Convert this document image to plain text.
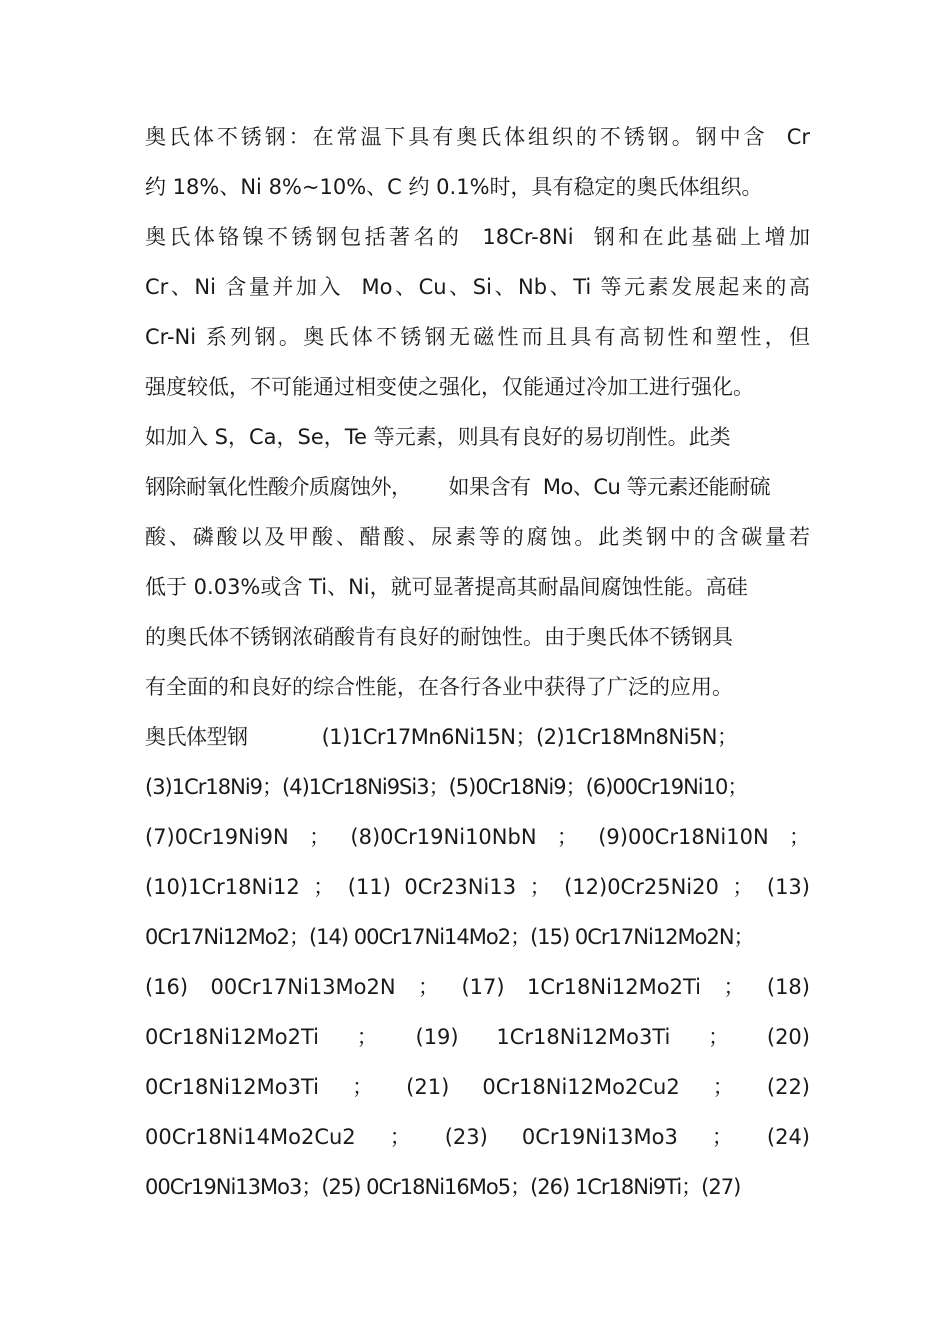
奥氏体不锈钢：在常温下具有奥氏体组织的不锈钢。钢中含  Cr
约 18%、Ni 8%~10%、C 约 0.1%时，具有稳定的奥氏体组织。
奥氏体铬镍不锈钢包括著名的  18Cr-8Ni  钢和在此基础上增加
Cr、Ni 含量并加入  Mo、Cu、Si、Nb、Ti 等元素发展起来的高
Cr-Ni 系列钢。奥氏体不锈钢无磁性而且具有高韧性和塑性，但
强度较低，不可能通过相变使之强化，仅能通过冷加工进行强化。
如加入 S，Ca，Se，Te 等元素，则具有良好的易切削性。此类
钢除耐氧化性酸介质腐蚀外，      如果含有  Mo、Cu 等元素还能耐硫
酸、磷酸以及甲酸、醋酸、尿素等的腐蚀。此类钢中的含碳量若
低于 0.03%或含 Ti、Ni，就可显著提高其耐晶间腐蚀性能。高硅
的奥氏体不锈钢浓硝酸肯有良好的耐蚀性。由于奥氏体不锈钢具
有全面的和良好的综合性能，在各行各业中获得了广泛的应用。
奥氏体型钢            (1)1Cr17Mn6Ni15N；(2)1Cr18Mn8Ni5N；
(3)1Cr18Ni9；(4)1Cr18Ni9Si3；(5)0Cr18Ni9；(6)00Cr19Ni10；
(7)0Cr19Ni9N  ；  (8)0Cr19Ni10NbN  ；  (9)00Cr18Ni10N  ；
(10)1Cr18Ni12  ；  (11)  0Cr23Ni13  ；  (12)0Cr25Ni20  ；  (13)
0Cr17Ni12Mo2；(14) 00Cr17Ni14Mo2；(15) 0Cr17Ni12Mo2N；
(16)  00Cr17Ni13Mo2N  ；  (17)  1Cr18Ni12Mo2Ti  ；  (18)
0Cr18Ni12Mo2Ti  ；  (19)  1Cr18Ni12Mo3Ti  ；  (20)
0Cr18Ni12Mo3Ti  ；  (21)  0Cr18Ni12Mo2Cu2  ；  (22)
00Cr18Ni14Mo2Cu2  ；  (23)  0Cr19Ni13Mo3  ；  (24)
00Cr19Ni13Mo3；(25) 0Cr18Ni16Mo5；(26) 1Cr18Ni9Ti；(27)
